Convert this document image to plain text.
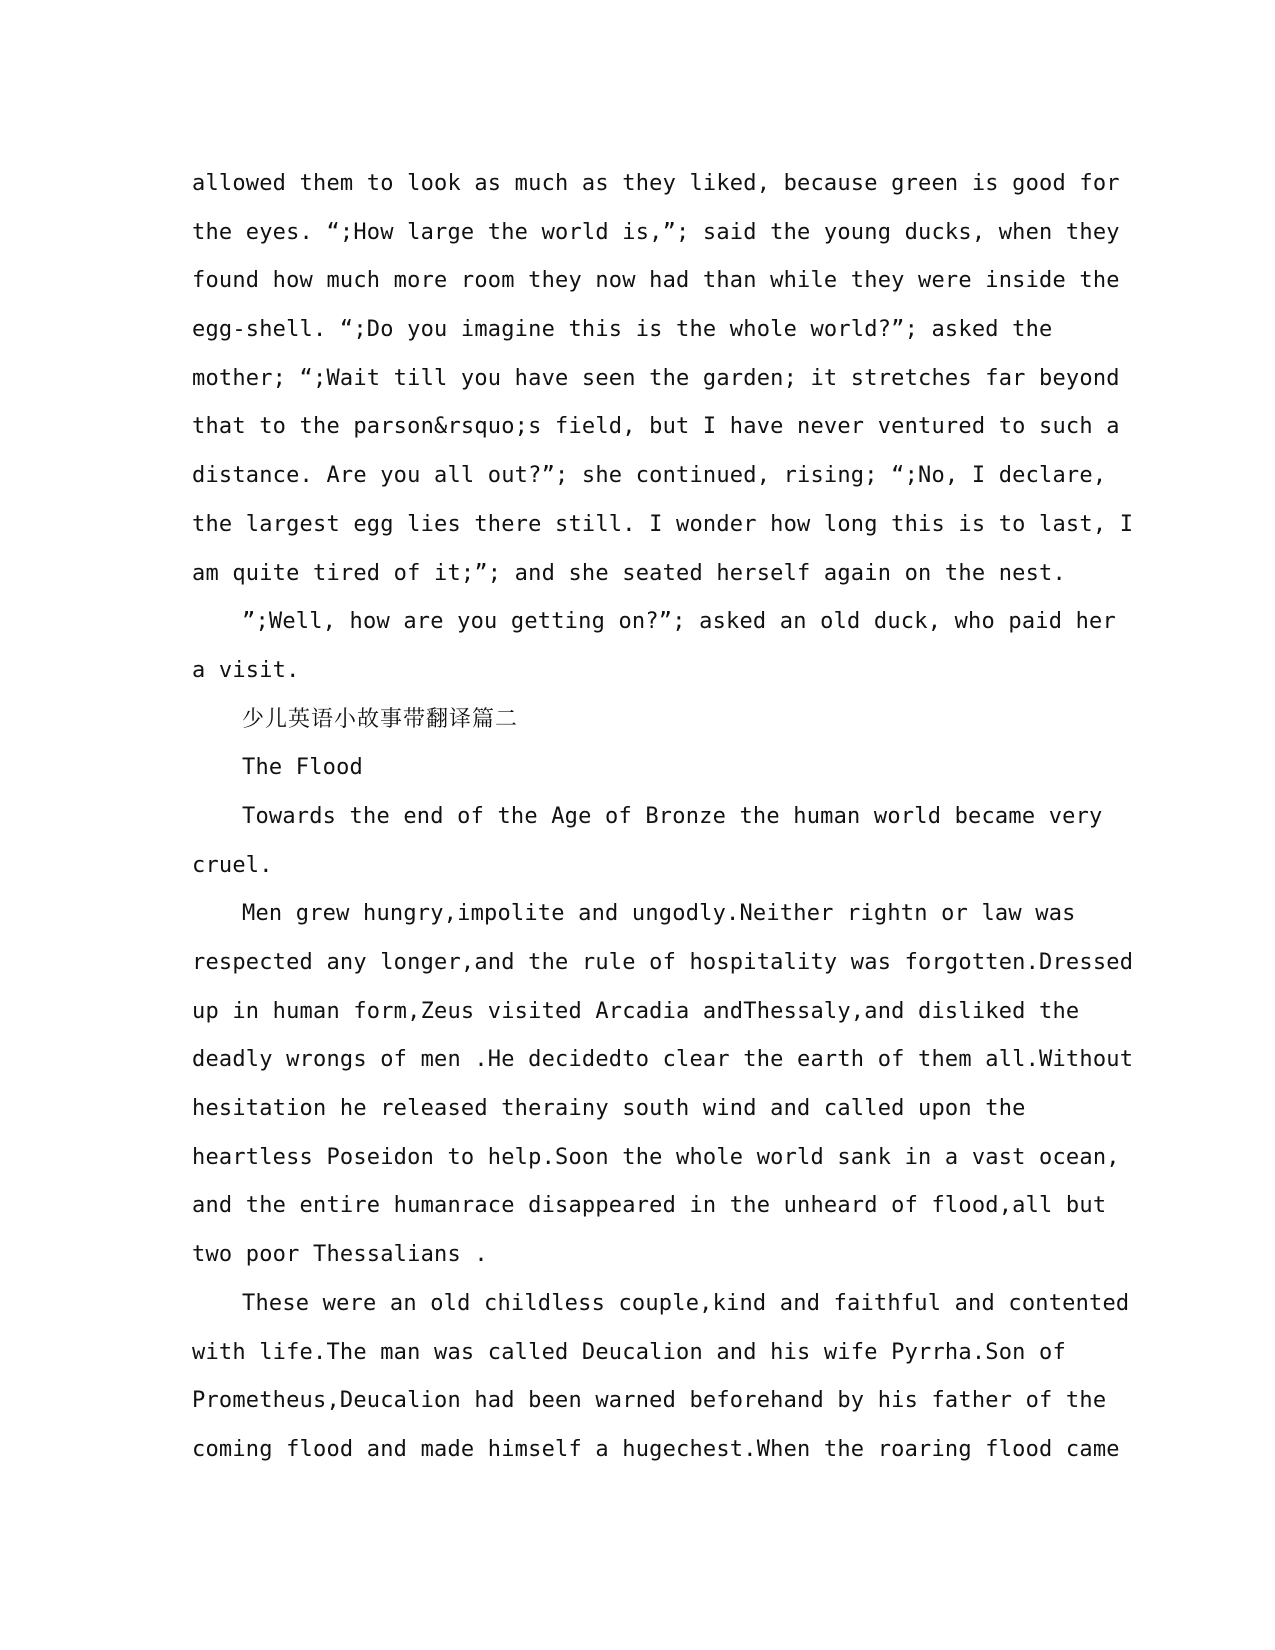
allowed them to look as much as they liked, because green is good for
the eyes. “;How large the world is,”; said the young ducks, when they
found how much more room they now had than while they were inside the
egg-shell. “;Do you imagine this is the whole world?”; asked the
mother; “;Wait till you have seen the garden; it stretches far beyond
that to the parson&rsquo;s field, but I have never ventured to such a
distance. Are you all out?”; she continued, rising; “;No, I declare,
the largest egg lies there still. I wonder how long this is to last, I
am quite tired of it;”; and she seated herself again on the nest.
”;Well, how are you getting on?”; asked an old duck, who paid her
a visit.
少儿英语小故事带翻译篇二
The Flood
Towards the end of the Age of Bronze the human world became very
cruel.
Men grew hungry,impolite and ungodly.Neither rightn or law was
respected any longer,and the rule of hospitality was forgotten.Dressed
up in human form,Zeus visited Arcadia andThessaly,and disliked the
deadly wrongs of men .He decidedto clear the earth of them all.Without
hesitation he released therainy south wind and called upon the
heartless Poseidon to help.Soon the whole world sank in a vast ocean,
and the entire humanrace disappeared in the unheard of flood,all but
two poor Thessalians .
These were an old childless couple,kind and faithful and contented
with life.The man was called Deucalion and his wife Pyrrha.Son of
Prometheus,Deucalion had been warned beforehand by his father of the
coming flood and made himself a hugechest.When the roaring flood came
